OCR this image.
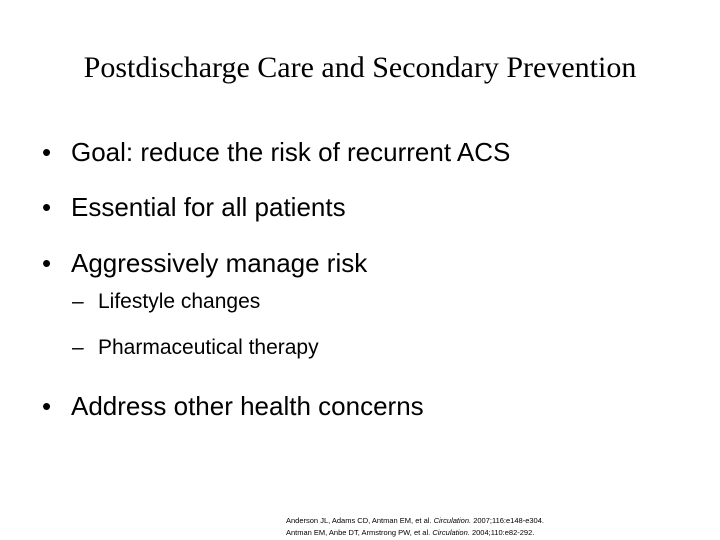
Postdischarge Care and Secondary Prevention
• Goal: reduce the risk of recurrent ACS
• Essential for all patients
• Aggressively manage risk
– Lifestyle changes
– Pharmaceutical therapy
• Address other health concerns
Anderson JL, Adams CD, Antman EM, et al. Circulation. 2007;116:e148-e304.
Antman EM, Anbe DT, Armstrong PW, et al. Circulation. 2004;110:e82-292.
